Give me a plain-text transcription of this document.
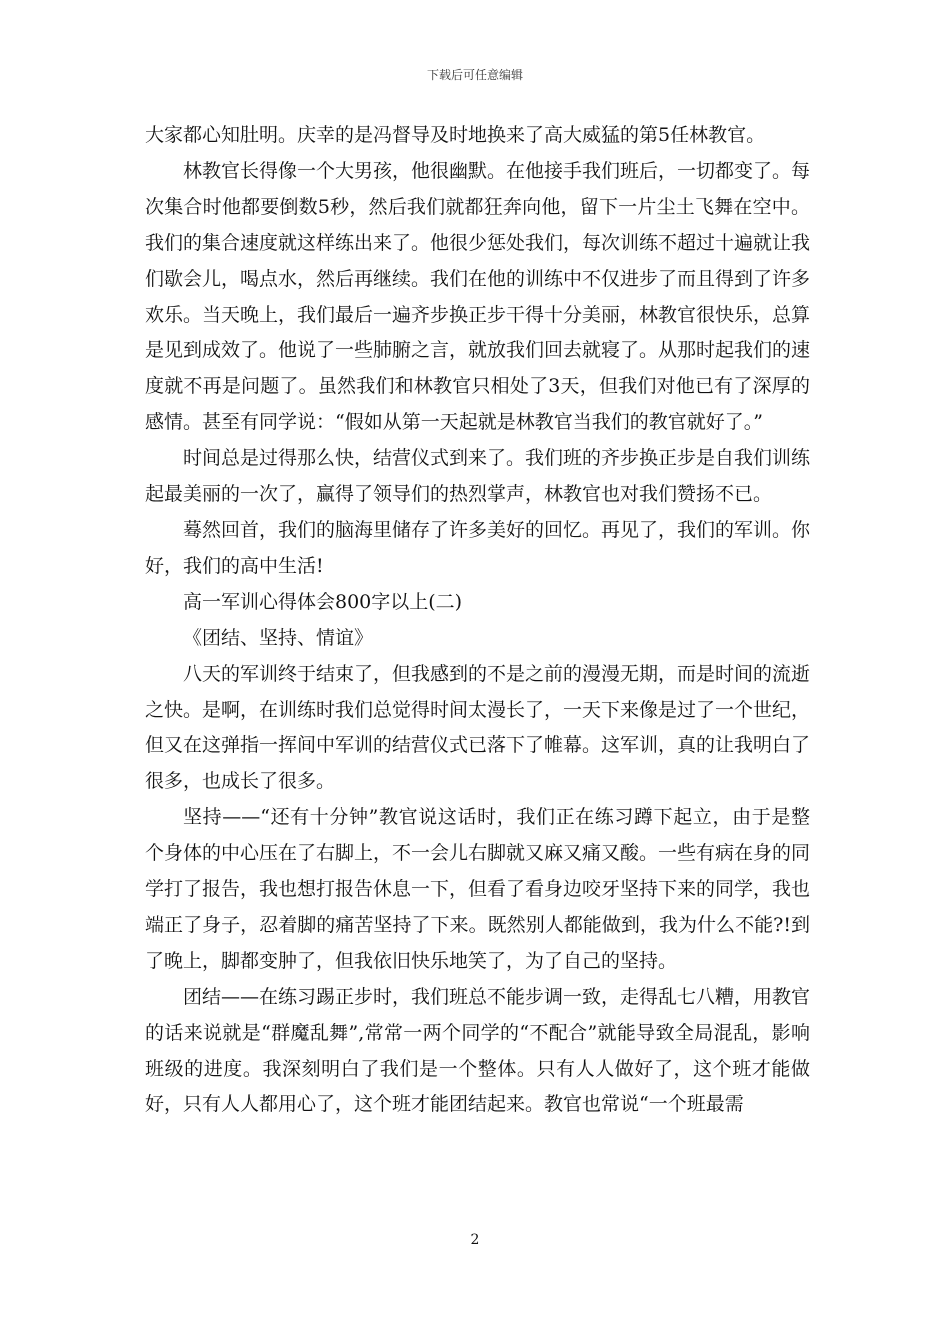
下载后可任意编辑

大家都心知肚明。庆幸的是冯督导及时地换来了高大威猛的第5任林教官。

林教官长得像一个大男孩，他很幽默。在他接手我们班后，一切都变了。每次集合时他都要倒数5秒，然后我们就都狂奔向他，留下一片尘土飞舞在空中。我们的集合速度就这样练出来了。他很少惩处我们，每次训练不超过十遍就让我们歇会儿，喝点水，然后再继续。我们在他的训练中不仅进步了而且得到了许多欢乐。当天晚上，我们最后一遍齐步换正步干得十分美丽，林教官很快乐，总算是见到成效了。他说了一些肺腑之言，就放我们回去就寝了。从那时起我们的速度就不再是问题了。虽然我们和林教官只相处了3天，但我们对他已有了深厚的感情。甚至有同学说：“假如从第一天起就是林教官当我们的教官就好了。”

时间总是过得那么快，结营仪式到来了。我们班的齐步换正步是自我们训练起最美丽的一次了，赢得了领导们的热烈掌声，林教官也对我们赞扬不已。

蓦然回首，我们的脑海里储存了许多美好的回忆。再见了，我们的军训。你好，我们的高中生活!

高一军训心得体会800字以上(二)

《团结、坚持、情谊》

八天的军训终于结束了，但我感到的不是之前的漫漫无期，而是时间的流逝之快。是啊，在训练时我们总觉得时间太漫长了，一天下来像是过了一个世纪，但又在这弹指一挥间中军训的结营仪式已落下了帷幕。这军训，真的让我明白了很多，也成长了很多。

坚持——“还有十分钟”教官说这话时，我们正在练习蹲下起立，由于是整个身体的中心压在了右脚上，不一会儿右脚就又麻又痛又酸。一些有病在身的同学打了报告，我也想打报告休息一下，但看了看身边咬牙坚持下来的同学，我也端正了身子，忍着脚的痛苦坚持了下来。既然别人都能做到，我为什么不能?!到了晚上，脚都变肿了，但我依旧快乐地笑了，为了自己的坚持。

团结——在练习踢正步时，我们班总不能步调一致，走得乱七八糟，用教官的话来说就是“群魔乱舞”,常常一两个同学的“不配合”就能导致全局混乱，影响班级的进度。我深刻明白了我们是一个整体。只有人人做好了，这个班才能做好，只有人人都用心了，这个班才能团结起来。教官也常说“一个班最需

2
